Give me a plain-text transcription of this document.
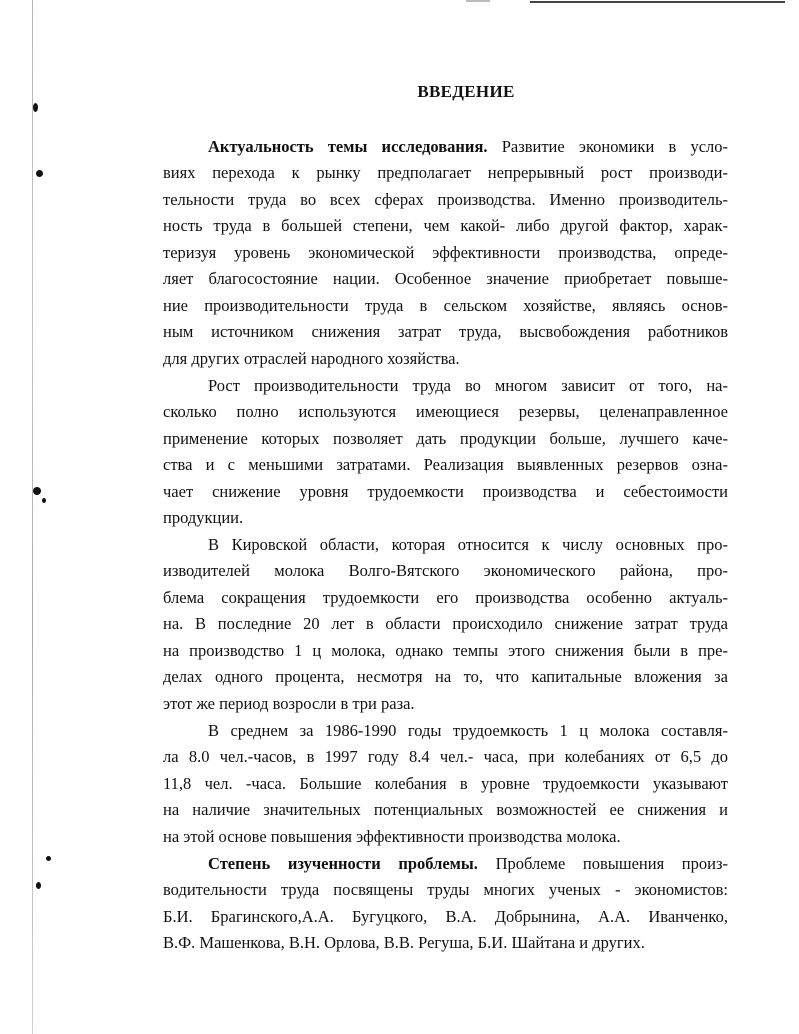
ВВЕДЕНИЕ
Актуальность темы исследования. Развитие экономики в усло-
виях перехода к рынку предполагает непрерывный рост производи-
тельности труда во всех сферах производства. Именно производитель-
ность труда в большей степени, чем какой- либо другой фактор, харак-
теризуя уровень экономической эффективности производства, опреде-
ляет благосостояние нации. Особенное значение приобретает повыше-
ние производительности труда в сельском хозяйстве, являясь основ-
ным источником снижения затрат труда, высвобождения работников
для других отраслей народного хозяйства.
Рост производительности труда во многом зависит от того, на-
сколько полно используются имеющиеся резервы, целенаправленное
применение которых позволяет дать продукции больше, лучшего каче-
ства и с меньшими затратами. Реализация выявленных резервов озна-
чает снижение уровня трудоемкости производства и себестоимости
продукции.
В Кировской области, которая относится к числу основных про-
изводителей молока Волго-Вятского экономического района, про-
блема сокращения трудоемкости его производства особенно актуаль-
на. В последние 20 лет в области происходило снижение затрат труда
на производство 1 ц молока, однако темпы этого снижения были в пре-
делах одного процента, несмотря на то, что капитальные вложения за
этот же период возросли в три раза.
В среднем за 1986-1990 годы трудоемкость 1 ц молока составля-
ла 8.0 чел.-часов, в 1997 году 8.4 чел.- часа, при колебаниях от 6,5 до
11,8 чел. -часа. Большие колебания в уровне трудоемкости указывают
на наличие значительных потенциальных возможностей ее снижения и
на этой основе повышения эффективности производства молока.
Степень изученности проблемы. Проблеме повышения произ-
водительности труда посвящены труды многих ученых - экономистов:
Б.И. Брагинского,А.А. Бугуцкого, В.А. Добрынина, А.А. Иванченко,
В.Ф. Машенкова, В.Н. Орлова, В.В. Регуша, Б.И. Шайтана и других.
